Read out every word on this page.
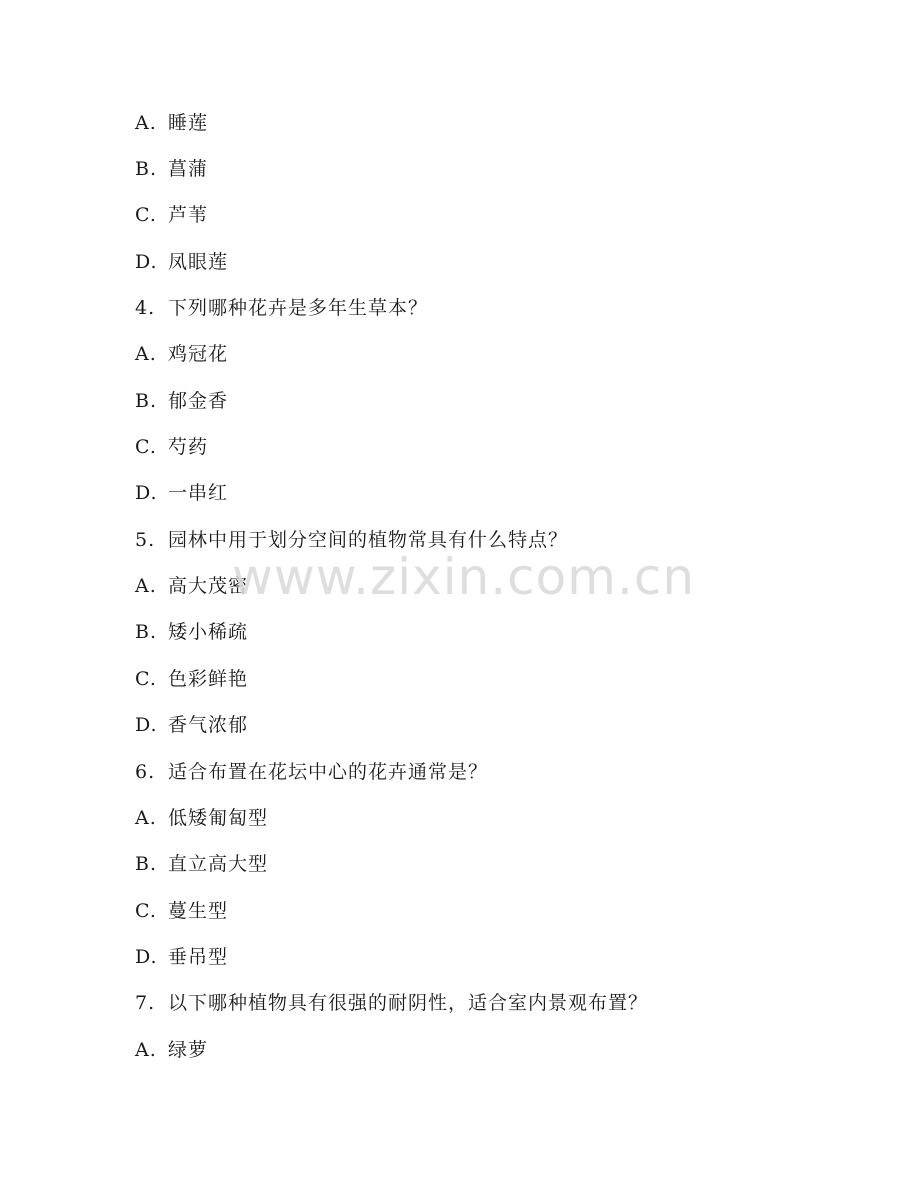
A. 睡莲
B. 菖蒲
C. 芦苇
D. 凤眼莲
4. 下列哪种花卉是多年生草本？
A. 鸡冠花
B. 郁金香
C. 芍药
D. 一串红
5. 园林中用于划分空间的植物常具有什么特点？
A. 高大茂密
B. 矮小稀疏
C. 色彩鲜艳
D. 香气浓郁
6. 适合布置在花坛中心的花卉通常是？
A. 低矮匍匐型
B. 直立高大型
C. 蔓生型
D. 垂吊型
7. 以下哪种植物具有很强的耐阴性，适合室内景观布置？
A. 绿萝
www.zixin.com.cn
